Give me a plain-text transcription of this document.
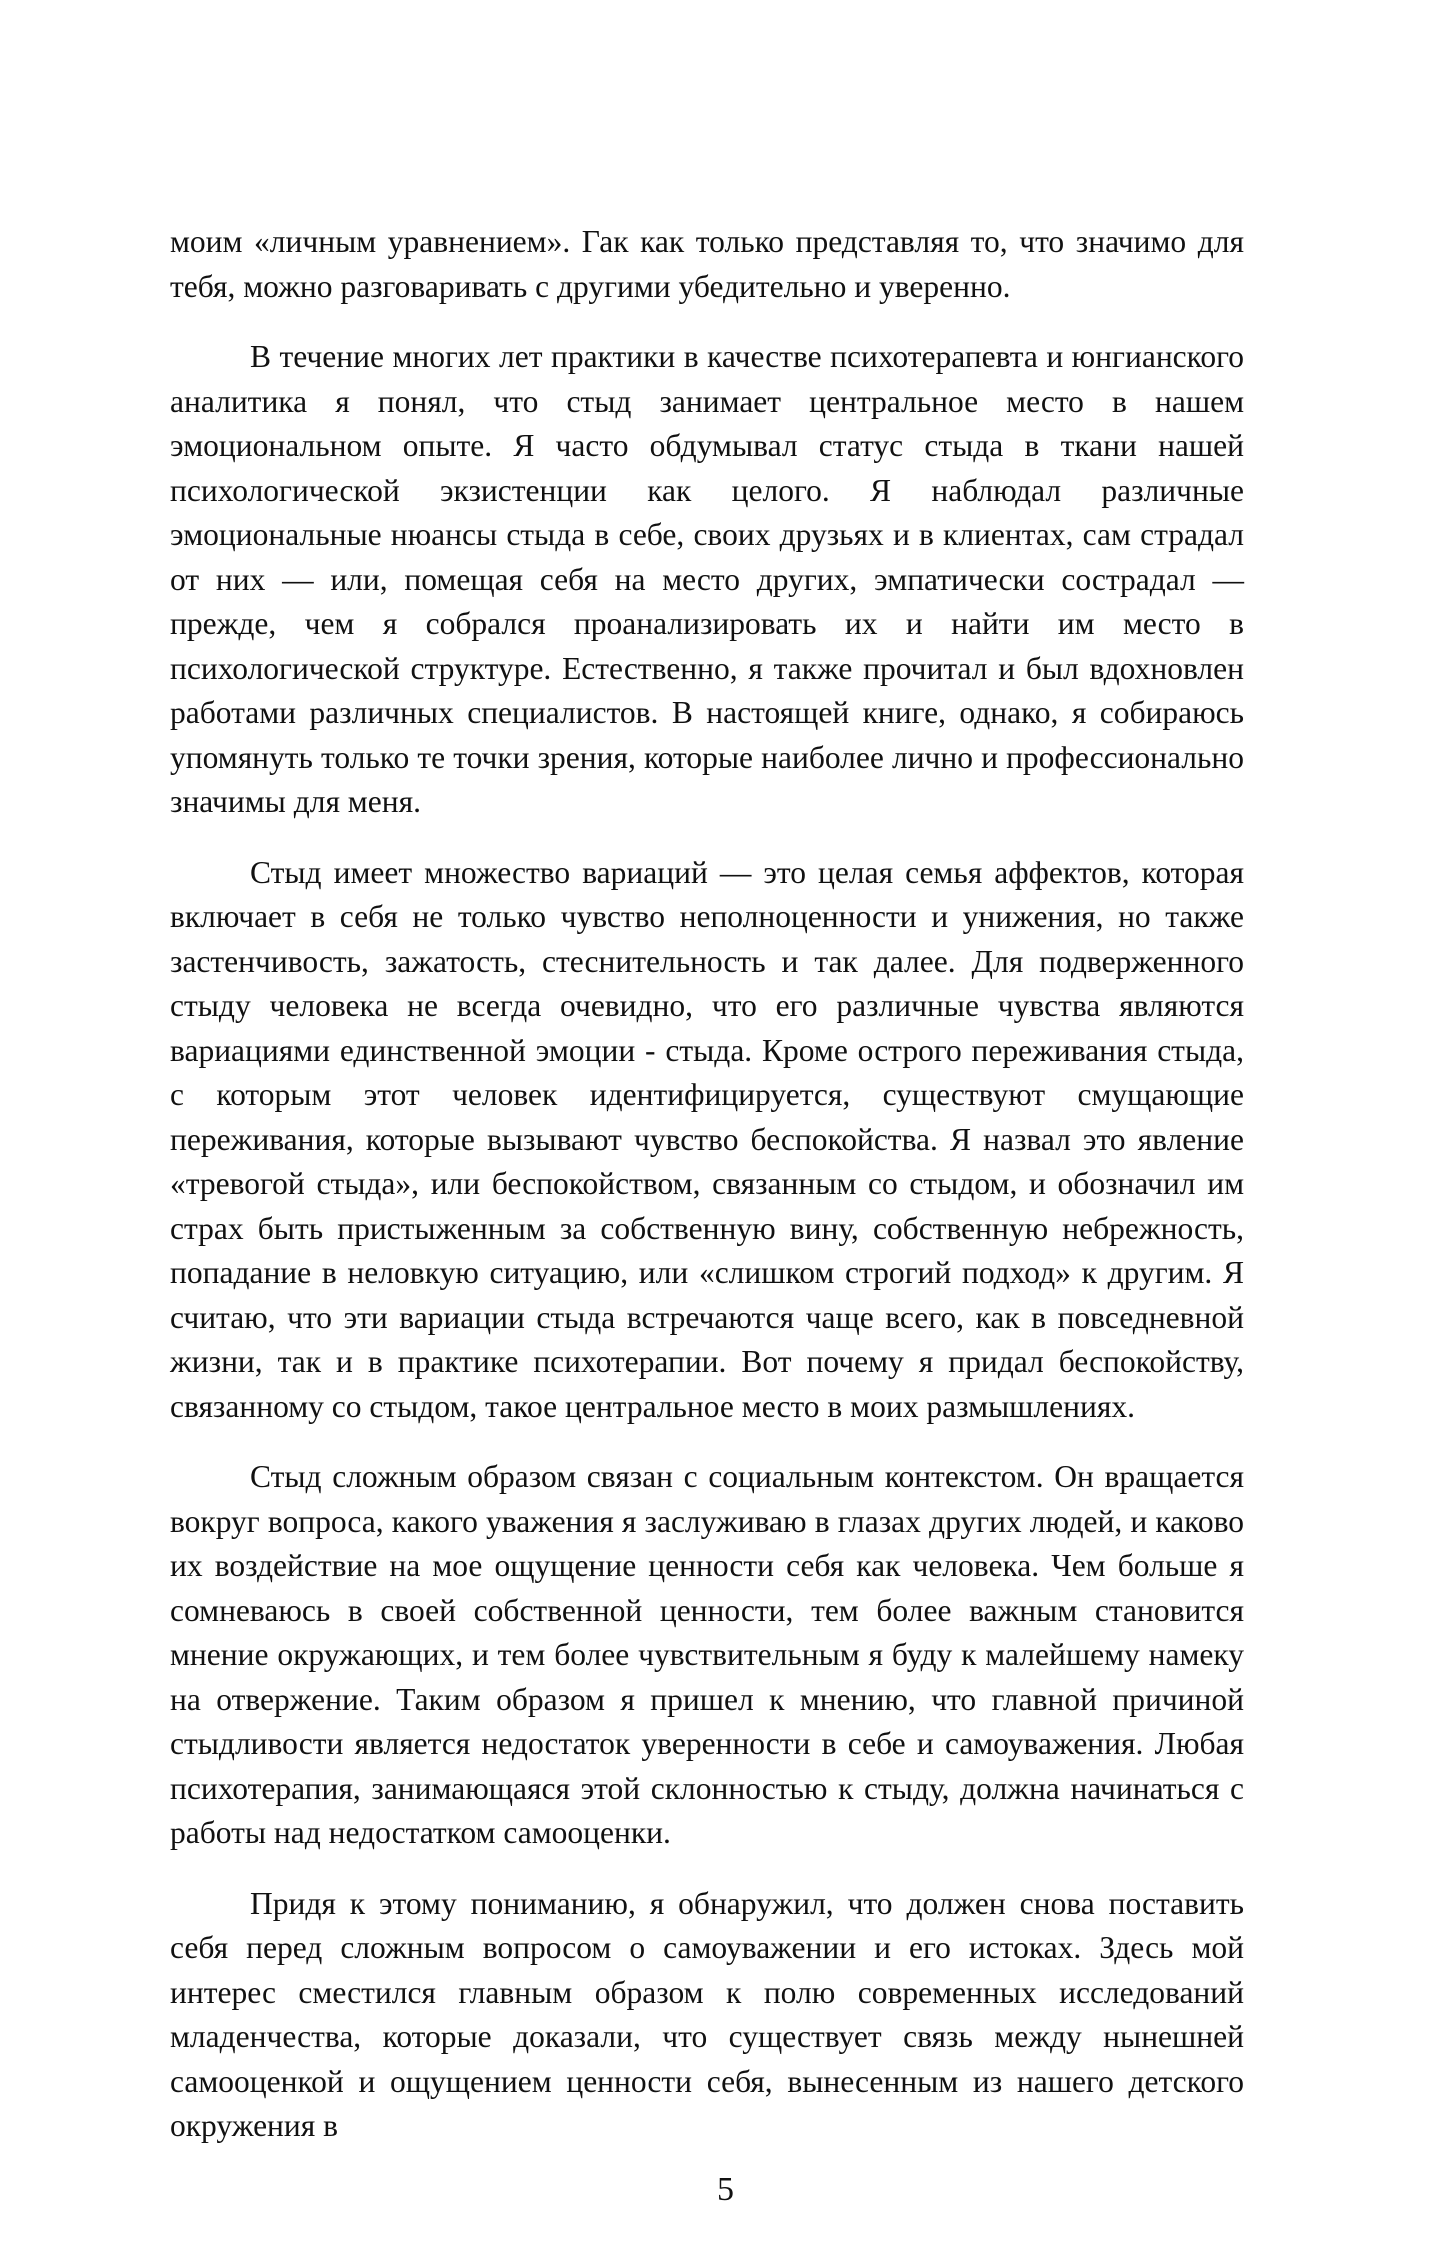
моим «личным уравнением». Гак как только представляя то, что значимо для тебя, можно разговаривать с другими убедительно и уверенно.

В течение многих лет практики в качестве психотерапевта и юнгианского аналитика я понял, что стыд занимает центральное место в нашем эмоциональном опыте. Я часто обдумывал статус стыда в ткани нашей психологической экзистенции как целого. Я наблюдал различные эмоциональные нюансы стыда в себе, своих друзьях и в клиентах, сам страдал от них — или, помещая себя на место других, эмпатически сострадал — прежде, чем я собрался проанализировать их и найти им место в психологической структуре. Естественно, я также прочитал и был вдохновлен работами различных специалистов. В настоящей книге, однако, я собираюсь упомянуть только те точки зрения, которые наиболее лично и профессионально значимы для меня.

Стыд имеет множество вариаций — это целая семья аффектов, которая включает в себя не только чувство неполноценности и унижения, но также застенчивость, зажатость, стеснительность и так далее. Для подверженного стыду человека не всегда очевидно, что его различные чувства являются вариациями единственной эмоции - стыда. Кроме острого переживания стыда, с которым этот человек идентифицируется, существуют смущающие переживания, которые вызывают чувство беспокойства. Я назвал это явление «тревогой стыда», или беспокойством, связанным со стыдом, и обозначил им страх быть пристыженным за собственную вину, собственную небрежность, попадание в неловкую ситуацию, или «слишком строгий подход» к другим. Я считаю, что эти вариации стыда встречаются чаще всего, как в повседневной жизни, так и в практике психотерапии. Вот почему я придал беспокойству, связанному со стыдом, такое центральное место в моих размышлениях.

Стыд сложным образом связан с социальным контекстом. Он вращается вокруг вопроса, какого уважения я заслуживаю в глазах других людей, и каково их воздействие на мое ощущение ценности себя как человека. Чем больше я сомневаюсь в своей собственной ценности, тем более важным становится мнение окружающих, и тем более чувствительным я буду к малейшему намеку на отвержение. Таким образом я пришел к мнению, что главной причиной стыдливости является недостаток уверенности в себе и самоуважения. Любая психотерапия, занимающаяся этой склонностью к стыду, должна начинаться с работы над недостатком самооценки.

Придя к этому пониманию, я обнаружил, что должен снова поставить себя перед сложным вопросом о самоуважении и его истоках. Здесь мой интерес сместился главным образом к полю современных исследований младенчества, которые доказали, что существует связь между нынешней самооценкой и ощущением ценности себя, вынесенным из нашего детского окружения в

5
